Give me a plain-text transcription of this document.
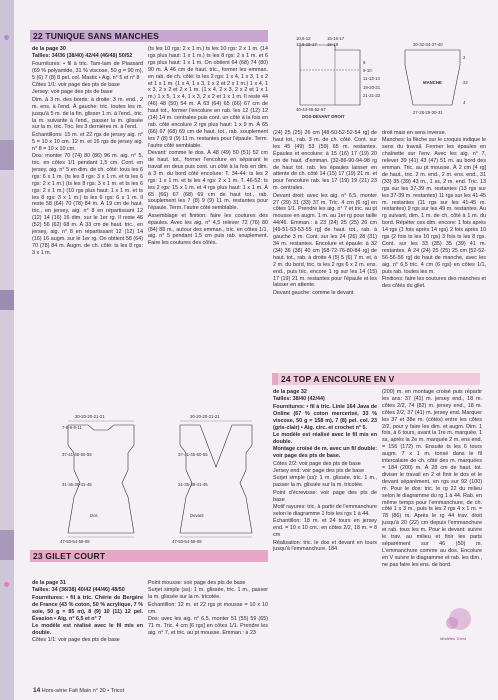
22 TUNIQUE SANS MANCHES

de la page 30

Tailles: 34/36 (38/40) 42/44 (46/48) 50/52

Fournitures: • fil à tric. Tam-tam de Plassard (69 % polyamide, 31 % viscose, 50 g = 90 m), 5 (6) 7 (8) 8 pel. col. Mastic • Aig. n° 5 et n° 8

Côtes 1/1: voir page des pts de base

Jersey: voir page des pts de base

Dim. à 3 m. des bords: à droite: 3 m. end., 2 m. ens. à l'end. À gauche: tric. toutes les m. jusqu'à 5 m. de la fin, glisser 1 m. à l'end., tric. la m. suivante à l'end., passer la m. glissée sur la m. tric. Tric. les 3 dernières m. à l'end.

Échantillons: 15 m. et 22 rgs de jersey aig. n° 5 = 10 x 10 cm. 12 m. et 16 rgs de jersey aig. n° 8 = 10 x 10 cm.

Dos: monter 70 (74) 80 (86) 96 m. aig. n° 5, tric. en côtes 1/1 pendant 1,5 cm. Cont. en jersey, aig. n° 5 en dim. de ch. côté: tous les 6 rgs: 6 x 1 m. (ts les 8 rgs: 3 x 1 m. et ts les 6 rgs: 2 x 1 m.) (ts les 8 rgs: 3 x 1 m. et ts les 6 rgs: 2 x 1 m.) (10 rgs plus haut: 1 x 1 m. et ts les 8 rgs: 3 x 1 m.) ts les 6 rgs: 6 x 1 m. Il reste 58 (64) 70 (78) 84 m. À 19 cm de haut. tric., en jersey, aig. n° 8 en répartissant 12 (12) 14 (16) 16 dim. sur le 1er rg. Il reste 46 (52) 56 (62) 68 m. À 33 cm de haut. tric., en jersey, aig. n° 8 en répartissant 12 (12) 14 (16) 16 augm. sur le 1er rg. On obtient 58 (64) 70 (78) 84 m. Augm. de ch. côté: ts les 8 rgs: 3 x 1 m.

(ts les 10 rgs: 2 x 1 m.) ts les 10 rgs: 2 x 1 m. (14 rgs plus haut: 1 x 1 m.) ts les 8 rgs: 2 x 1 m. et 6 rgs plus haut: 1 x 1 m. On obtient 64 (68) 74 (80) 90 m. À 46 cm de haut. tric., former les emman. en rab. de ch. côté: ts les 2 rgs: 1 x 4, 1 x 3, 1 x 2 et 1 x 1 m. (1 x 4, 1 x 3, 1 x 2 et 2 x 1 m.) 1 x 4, 1 x 3, 2 x 2 et 2 x 1 m. (1 x 4, 2 x 3, 2 x 2 et 1 x 1 m.) 1 x 5, 1 x 4, 1 x 3, 2 x 2 et 1 x 1 m. Il reste 44 (46) 48 (50) 54 m. À 63 (64) 65 (66) 67 cm de haut tot., former l'encolure en rab. les 12 (12) 12 (14) 14 m. centrales puis cont. un côté à la fois en rab. côté encolure 2 rgs plus haut: 1 x 9 m. À 65 (66) 67 (68) 69 cm de haut. tot., rab. souplement les 7 (8) 9 (9) 11 m. restantes pour l'épaule. Term. l'autre côté semblable.

Devant: comme le dos. À 48 (49) 50 (51) 52 cm de haut. tot., former l'encolure en séparant le travail en deux puis cont. un côté à la fois en dim. à 3 m. du bord côté encolure: T. 34-44: ts les 2 rgs: 1 x 1 m. et ts les 4 rgs: 2 x 1 m. T. 46-52: ts les 2 rgs: 15 x 1 m. et 4 rgs plus haut: 1 x 1 m. À 65 (66) 67 (68) 69 cm de haut tot., rab. souplement les 7 (8) 9 (9) 11 m. restantes pour l'épaule. Term. l'autre côté semblable.

Assemblage et finition: faire les coutures des épaules. Avec les aig. n° 4,5 relever 72 (76) 80 (84) 88 m., autour des emman., tric. en côtes 1/1, aig. n° 5 pendant 1,5 cm puis rab. souplement. Faire les coutures des côtés.

20-20-20-21-21
7-8-9-9-11
37-41-45-50-55
31-35-38-41-45
Dos
47-50-54-58-65
20-20-20-21-21
37-41-45-50-55
31-35-38-41-45
Devant
47-50-54-58-65
23 GILET COURT

de la page 31

Tailles: 34 (36/38) 40/42 (44/46) 48/50

Fournitures: • fil à tric. Chérie de Bergère de France (43 % coton, 50 % acrylique, 7 % soie, 50 g = 85 m), 8 (9) 10 (11) 12 pel. Évasion • Aig. n° 6,5 et n° 7

Le modèle est réalisé avec le fil mis en double.

Côtes 1/1: voir page des pts de base

Point mousse: voir page des pts de base

Surjet simple (ss): 1 m. glissée, tric. 1 m., passer la m. glissée sur la m. tricotée.

Échantillon: 12 m. et 22 rgs pt mousse = 10 x 10 cm.

Dos: avec les aig. n° 6,5, monter 51 (55) 59 (65) 71 m. Tric. 4 cm [6 rgs] en côtes 1/1. Prendre les aig. n° 7, et tric. au pt mousse. Emman.: à 23

10,5-12
13,5-15-17
15-16-17
18-19
6
9-10
11-13-14
19-20-21
21-21-22
40-44-48-52-57
DOS-DEVANT DROIT
30-32-34-37-40
2
22
4
MANCHE
27-28-29-30-31

(24) 25 (25) 26 cm [48-50-52-52-54 rg] de haut tot., rab. 3 m. de ch. côté. Cont. sur les 45 (49) 53 (59) 65 m. restantes. Épaules et encolure: à 15 (16) 17 (19) 20 cm de haut. d'emman. [32-86-90-94-98 rg de haut tot. rab. les épaules laisser en attente de ch. côté 14 (15) 17 (19) 21 m. et pour l'encolure rab. les 17 (19) 19 (21) 23 m. centrales.

Devant droit: avec les aig. n° 6,5, monter 27 (29) 31 (33) 37 m. Tric. 4 cm [6 rg] en côtes 1/1. Prendre les aig. n° 7 et tric. au pt mousse en augm. 1 m. au 1er rg pour taille 44/46. Emman.: à 23 (24) 25 (25) 26 cm [49-51-53-53-55 rg] de haut. tot., rab. à gauche 3 m. Cont. sur les 24 (26) 28 (31) 34 m. restantes. Encolure et épaule: à 32 (34) 36 (38) 40 cm [68-72-76-80-84 rg] de haut. tot., rab. à droite 4 (5) 5 (6) 7 m. et, à 2 m. du bord, tric. ts les 2 rgs 6 x 2 m. ens. end., puis tric. encore 1 rg sur les 14 (15) 17 (19) 21 m. restantes pour l'épaule et les laisser en attente.

Devant gauche: comme le devant

droit mais en sens inverse.

Manches: la flèche sur le croquis indique le sens du travail. Fermer les épaules en chaînette sur l'env. Avec les aig. n° 7, relever 39 (41) 43 (47) 51 m. au bord des emman. Tric. au pt mousse. À 2 cm [4 rg] de haut., tric. 2 m. end., 2 m. ens. end., 31 (33) 35 (39) 43 m., 1 ss, 2 m. end. Tric. 13 rgs sur les 37-39 m. restantes (13 rgs sur les 37-39 m. restantes) 11 rgs sur les 41-45 m. restantes (11 rgs sur les 41-45 m. restantes) 9 rgs sur les 49 m. restantes. Au rg suivant, dim. 1 m. de ch. côté à 1 m. du bord. Répéter ces dim. encore: 1 fois après 14 rgs (1 fois après 14 rgs) 2 fois après 10 rgs (2 fois ts les 10 rgs) 3 fois ts les 8 rgs. Cont. sur les 33 (35) 35 (39) 41 m. restantes. À 24 (24) 25 (25) 25 cm [52-52-56-56-56 rg] de haut de manche, avec les aig. n° 6,5 tric. 4 cm (6 rgs) en côtes 1/1, puis rab. toutes les m.

Finitions: faire les coutures des manches et des côtés du gilet.

24 TOP A ENCOLURE EN V

de la page 32

Tailles: 38/40 (42/44)

Fournitures: • fil à tric. Linie 164 Java de Online (67 % coton mercerisé, 33 % viscose, 50 g = 158 m), 7 (8) pel. col. 23 (gris-clair) • Aig. circ. et crochet n° 5.

Le modèle est réalisé avec le fil mis en double.

Montage croisé de m. avec un fil double: voir page des pts de base.

Côtes 2/2: voir page des pts de base

Jersey end: voir page des pts de base

Surjet simple (ss): 1 m. glissée, tric. 1 m., passer la m. glissée sur la m. tricotée.

Point d'écrevisse: voir page des pts de base

Motif rayures: tric. à partir de l'emmanchure selon le diagramme 1 fois les rgs 1 à 44.

Échantillon: 18 m. et 24 tours en jersey end. = 10 x 10 cm.; en côtes 2/2, 18 m. = 8 cm

Réalisation: tric. le dos et devant en tours jusqu'à l'emmanchure. 184

(200) m. en montage croisé puis répartir les ans: 37 (41) m. jersey end., 18 m. côtes 2/2, 74 (82) m. jersey end., 18 m. côtes 2/2, 37 (41) m. jersey end. Marquer les 37 et 38e m. (côtés) entre les côtes 2/2, pour y faire les dim. et augm. Dim. 1 fois, à 6 tours, avant la 1re m. marquée, 1 ss, après la 2e m. marquée 2 m. ens end. = 156 (172) m. Ensuite ts les 6 tours augm. 7 x 1 m. tonsé dans le fil intercalaire de ch. côté des m. marquées = 184 (200) m. À 28 cm de haut. tot. diviser le travail en 2 et finir le dos et le devant séparément, en rgs sur 92 (100) m. Pour le dos: tric. le rg 22 du milieu selon le diagramme du rg 1 à 44. Rab. en même temps pour l'emmanchure, de ch. côté 1 x 3 m., puis ts les 2 rgs 4 x 1 m. = 78 (86) m. Après le rg 44 trav. droit jusqu'à 20 (22) cm depuis l'emmanchure et rab. tous les m. Pour le devant: suivre le trav. au milieu et finir les parts séparément sur 46 (50) m. L'emmanchure comme au dos. Encolure en V suivre le diagramme et rab. les dim., ne pas faire les ens. de bord.

Modèles Tricot
14 Hors-série Fait Main n° 30 • Tricot
